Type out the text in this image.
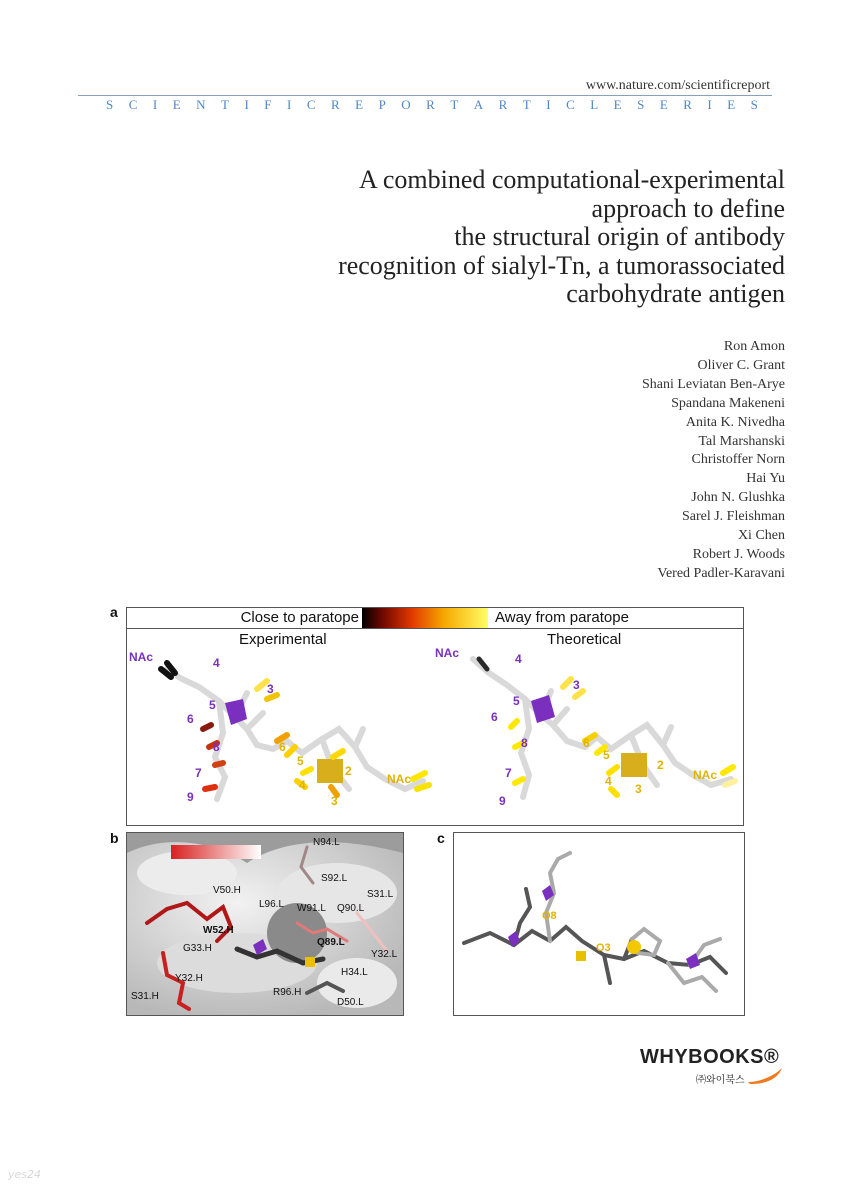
www.nature.com/scientificreport
S C I E N T I F I C R E P O R T A R T I C L E S E R I E S
A combined computational-experimental
approach to define
the structural origin of antibody
recognition of sialyl-Tn, a tumorassociated
carbohydrate antigen
Ron Amon
Oliver C. Grant
Shani Leviatan Ben-Arye
Spandana Makeneni
Anita K. Nivedha
Tal Marshanski
Christoffer Norn
Hai Yu
John N. Glushka
Sarel J. Fleishman
Xi Chen
Robert J. Woods
Vered Padler-Karavani
a	Close to paratope	Away from paratope
Experimental	Theoretical
NAc	4
3
5
6
8
7
9
6
5
2
4
3
NAc
NAc	4
3
5
6
8
7
9
6
5
2
4
3
NAc
b	N94.L
V50.H
S92.L
S31.L
L96.L W91.L Q90.L
W52.H
G33.H
Q89.L
Y32.L
H34.L
Y32.H
R96.H
D50.L
S31.H
c
O8
O3
WHYBOOKS®
㈜와이북스
yes24
